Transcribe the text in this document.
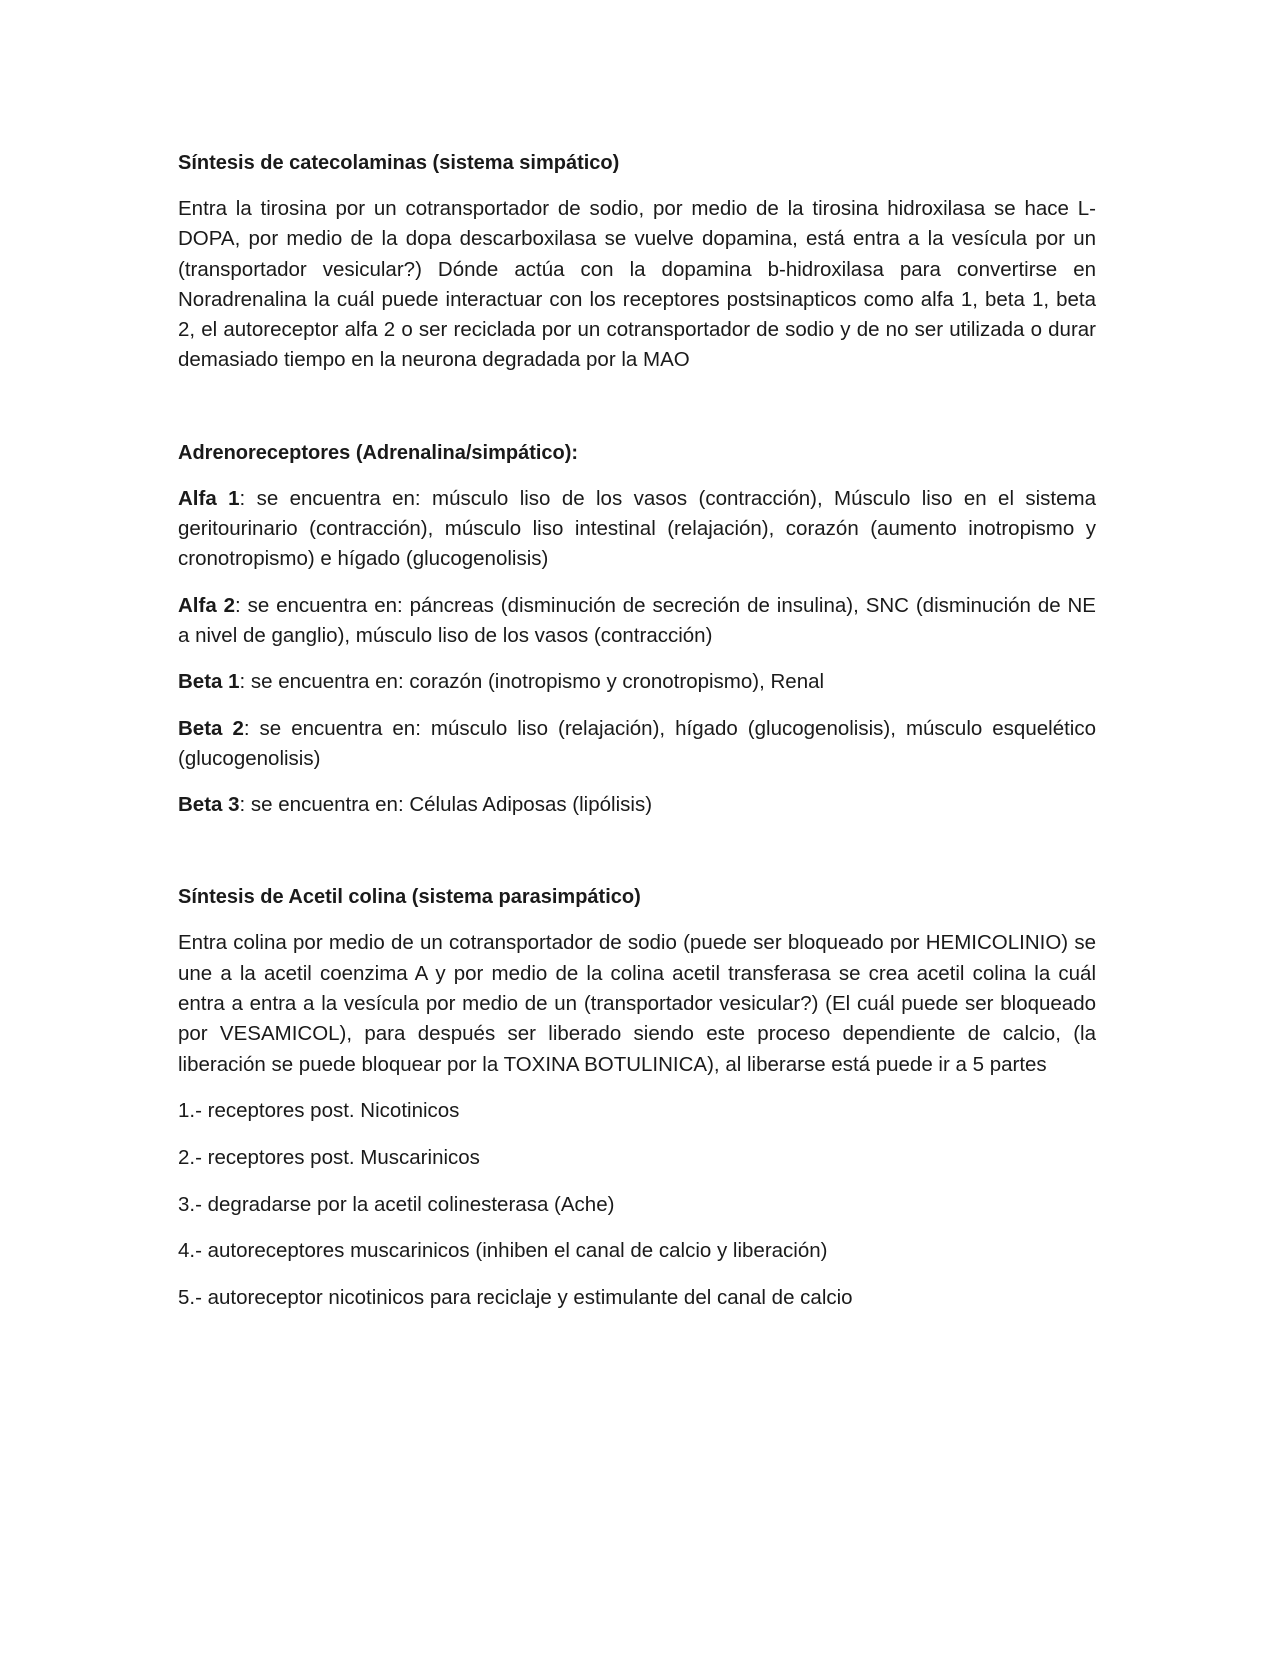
Síntesis de catecolaminas (sistema simpático)
Entra la tirosina por un cotransportador de sodio, por medio de la tirosina hidroxilasa se hace L-DOPA, por medio de la dopa descarboxilasa se vuelve dopamina, está entra a la vesícula por un (transportador vesicular?) Dónde actúa con la dopamina b-hidroxilasa para convertirse en Noradrenalina la cuál puede interactuar con los receptores postsinapticos como alfa 1, beta 1, beta 2, el autoreceptor alfa 2 o ser reciclada por un cotransportador de sodio y de no ser utilizada o durar demasiado tiempo en la neurona degradada por la MAO
Adrenoreceptores (Adrenalina/simpático):
Alfa 1: se encuentra en: músculo liso de los vasos (contracción), Músculo liso en el sistema geritourinario (contracción), músculo liso intestinal (relajación), corazón (aumento inotropismo y cronotropismo) e hígado (glucogenolisis)
Alfa 2: se encuentra en: páncreas (disminución de secreción de insulina), SNC (disminución de NE a nivel de ganglio), músculo liso de los vasos (contracción)
Beta 1: se encuentra en: corazón (inotropismo y cronotropismo), Renal
Beta 2: se encuentra en: músculo liso (relajación), hígado (glucogenolisis), músculo esquelético (glucogenolisis)
Beta 3: se encuentra en: Células Adiposas (lipólisis)
Síntesis de Acetil colina (sistema parasimpático)
Entra colina por medio de un cotransportador de sodio (puede ser bloqueado por HEMICOLINIO) se une a la acetil coenzima A y por medio de la colina acetil transferasa se crea acetil colina la cuál entra a entra a la vesícula por medio de un (transportador vesicular?) (El cuál puede ser bloqueado por VESAMICOL), para después ser liberado siendo este proceso dependiente de calcio, (la liberación se puede bloquear por la TOXINA BOTULINICA), al liberarse está puede ir a 5 partes
1.- receptores post. Nicotinicos
2.- receptores post. Muscarinicos
3.- degradarse por la acetil colinesterasa (Ache)
4.- autoreceptores muscarinicos (inhiben el canal de calcio y liberación)
5.- autoreceptor nicotinicos para reciclaje y estimulante del canal de calcio
